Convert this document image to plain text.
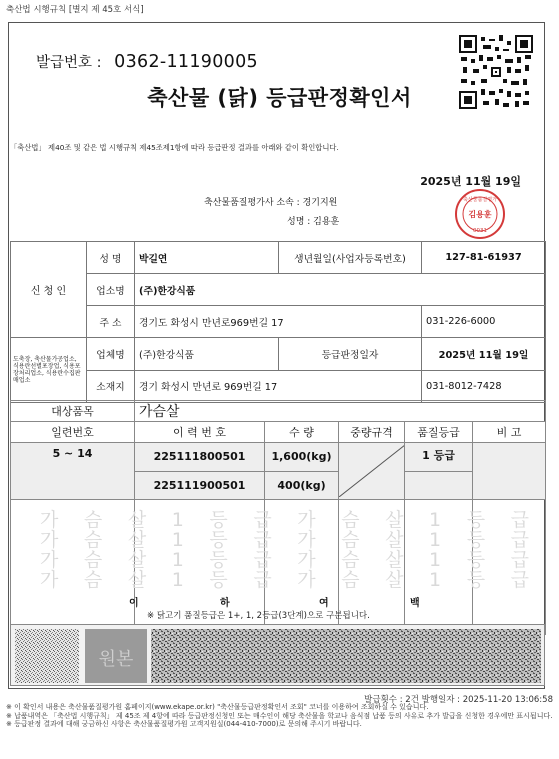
축산법 시행규칙 [별지 제 45호 서식]
발급번호 : 0362-11190005
축산물 (닭) 등급판정확인서
「축산법」 제40조 및 같은 법 시행규칙 제45조제1항에 따라 등급판정 결과를 아래와 같이 확인합니다.
2025년 11월 19일
축산물품질평가사 소속 : 경기지원
성명 : 김용훈
축산물품질평가
김용훈
0031
신 청 인	성 명	박길연	생년월일(사업자등록번호)	127-81-61937
	업소명	(주)한강식품		
	주 소	경기도 화성시 만년로969번길 17		031-226-6000
도축장, 축산물가공업소, 식용란선별포장업, 식용포장처리업소, 식용란수집판매업소	업체명	(주)한강식품	등급판정일자	2025년 11월 19일
	소재지	경기 화성시 만년로 969번길 17		031-8012-7428
대상품목	가슴살				
일련번호	이 력 번 호	수 량	중량규격	품질등급	비 고
5 ~ 14	225111800501	1,600(kg)		1 등급	
	225111900501	400(kg)			

가 슴 살 1 등 급 가 슴 살 1 등 급
가 슴 살 1 등 급 가 슴 살 1 등 급
가 슴 살 1 등 급 가 슴 살 1 등 급
가 슴 살 1 등 급 가 슴 살 1 등 급
이	하	여	백
※ 닭고기 품질등급은 1+, 1, 2등급(3단계)으로 구분됩니다.
원본
발급횟수 : 2건 발행일자 : 2025-11-20 13:06:58
※ 이 확인서 내용은 축산물품질평가원 홈페이지(www.ekape.or.kr) "축산물등급판정확인서 조회" 코너를 이용하여 조회하실 수 있습니다.
※ 납품내역은 「축산법 시행규칙」 제 45조 제 4항에 따라 등급판정신청인 또는 매수인이 해당 축산물을 학교나 음식점 납품 등의 사유로 추가 발급을 신청한 경우에만 표시됩니다.
※ 등급판정 결과에 대해 궁금하신 사항은 축산물품질평가원 고객지원실(044-410-7000)로 문의해 주시기 바랍니다.
